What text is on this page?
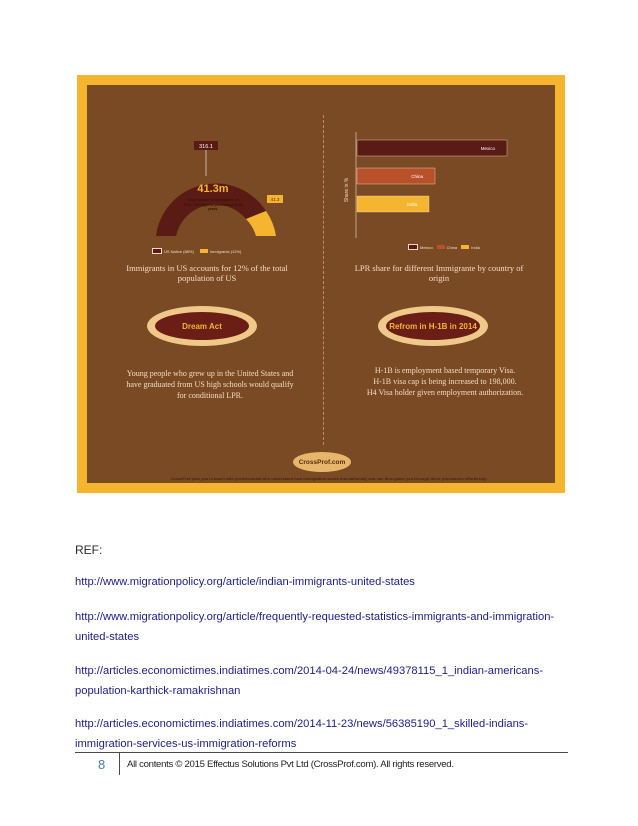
316.1
41.3
41.3m
Total number of immigrants in 2013. The highest percentage in 90 years.
US Native (88%)	Immigrants (12%)
Immigrants in US accounts for 12% of the total population of US
Share in %
Mexico
China
India
Mexico	China	India
LPR share for different Immigrante by country of origin
Dream Act	Refrom in H-1B in 2014
Young people who grew up in the United States and have graduated from US high schools would qualify for conditional LPR.
H-1B is employment based temporary Visa.
H-1B visa cap is being increased to 198,000.
H4 Visa holder given employment authorization.
CrossProf.com
CrossProf puts you in touch with professionals who understand how immigration works internationally and can thus guide you through these procedures effortlessly.
REF:
http://www.migrationpolicy.org/article/indian-immigrants-united-states
http://www.migrationpolicy.org/article/frequently-requested-statistics-immigrants-and-immigration-united-states
http://articles.economictimes.indiatimes.com/2014-04-24/news/49378115_1_indian-americans-population-karthick-ramakrishnan
http://articles.economictimes.indiatimes.com/2014-11-23/news/56385190_1_skilled-indians-immigration-services-us-immigration-reforms
8 All contents © 2015 Effectus Solutions Pvt Ltd (CrossProf.com). All rights reserved.
